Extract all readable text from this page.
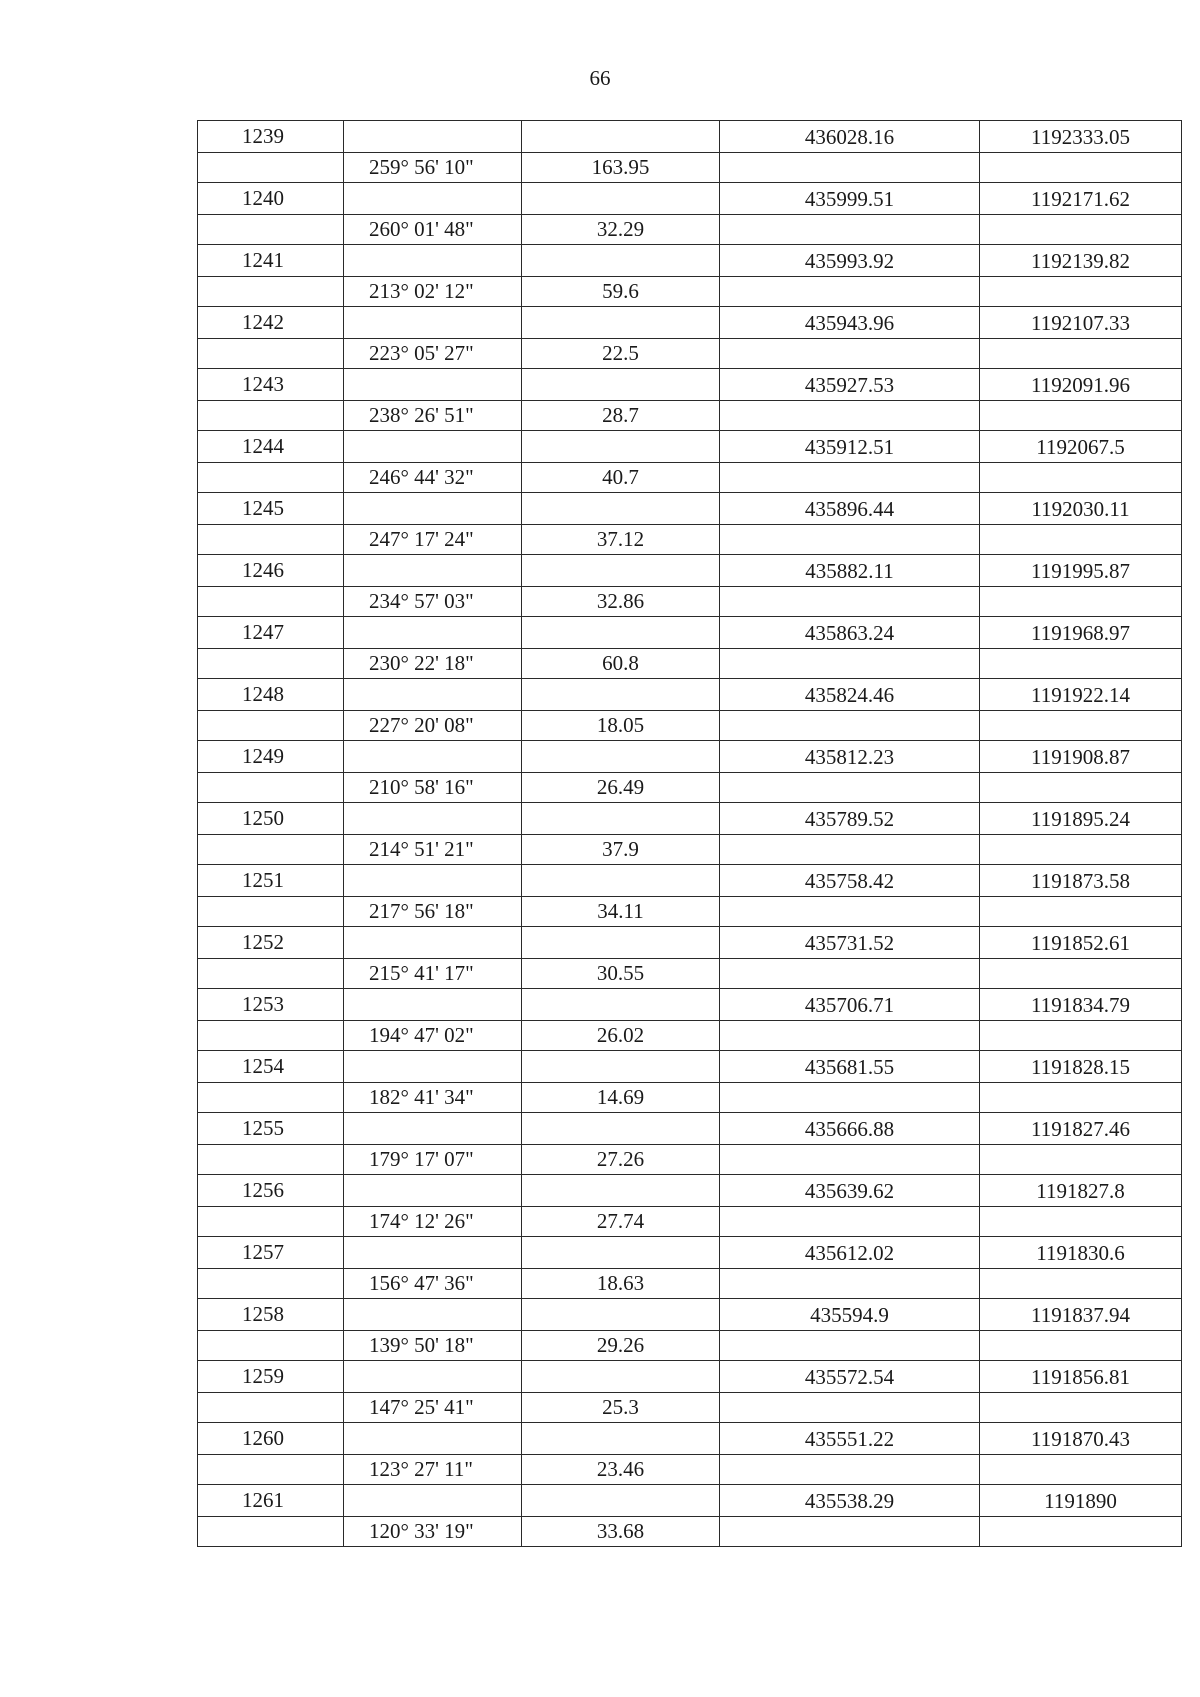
66
1239			436028.16	1192333.05
	259° 56' 10"	163.95		
1240			435999.51	1192171.62
	260° 01' 48"	32.29		
1241			435993.92	1192139.82
	213° 02' 12"	59.6		
1242			435943.96	1192107.33
	223° 05' 27"	22.5		
1243			435927.53	1192091.96
	238° 26' 51"	28.7		
1244			435912.51	1192067.5
	246° 44' 32"	40.7		
1245			435896.44	1192030.11
	247° 17' 24"	37.12		
1246			435882.11	1191995.87
	234° 57' 03"	32.86		
1247			435863.24	1191968.97
	230° 22' 18"	60.8		
1248			435824.46	1191922.14
	227° 20' 08"	18.05		
1249			435812.23	1191908.87
	210° 58' 16"	26.49		
1250			435789.52	1191895.24
	214° 51' 21"	37.9		
1251			435758.42	1191873.58
	217° 56' 18"	34.11		
1252			435731.52	1191852.61
	215° 41' 17"	30.55		
1253			435706.71	1191834.79
	194° 47' 02"	26.02		
1254			435681.55	1191828.15
	182° 41' 34"	14.69		
1255			435666.88	1191827.46
	179° 17' 07"	27.26		
1256			435639.62	1191827.8
	174° 12' 26"	27.74		
1257			435612.02	1191830.6
	156° 47' 36"	18.63		
1258			435594.9	1191837.94
	139° 50' 18"	29.26		
1259			435572.54	1191856.81
	147° 25' 41"	25.3		
1260			435551.22	1191870.43
	123° 27' 11"	23.46		
1261			435538.29	1191890
	120° 33' 19"	33.68		
